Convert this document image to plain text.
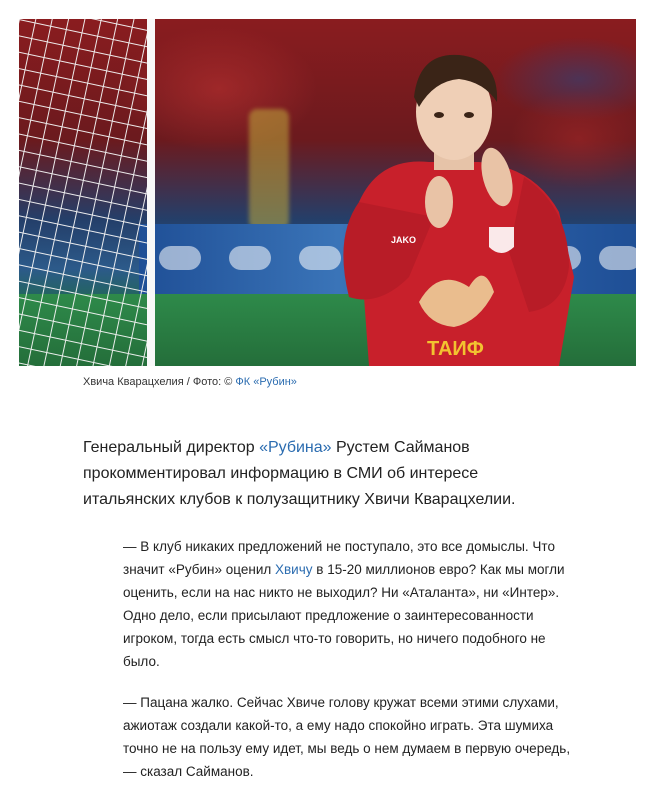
ТАИФ
JAKO
Хвича Кварацхелия / Фото: © ФК «Рубин»

Генеральный директор «Рубина» Рустем Сайманов прокомментировал информацию в СМИ об интересе итальянских клубов к полузащитнику Хвичи Кварацхелии.

— В клуб никаких предложений не поступало, это все домыслы. Что значит «Рубин» оценил Хвичу в 15-20 миллионов евро? Как мы могли оценить, если на нас никто не выходил? Ни «Аталанта», ни «Интер». Одно дело, если присылают предложение о заинтересованности игроком, тогда есть смысл что-то говорить, но ничего подобного не было.

— Пацана жалко. Сейчас Хвиче голову кружат всеми этими слухами, ажиотаж создали какой-то, а ему надо спокойно играть. Эта шумиха точно не на пользу ему идет, мы ведь о нем думаем в первую очередь, — сказал Сайманов.
